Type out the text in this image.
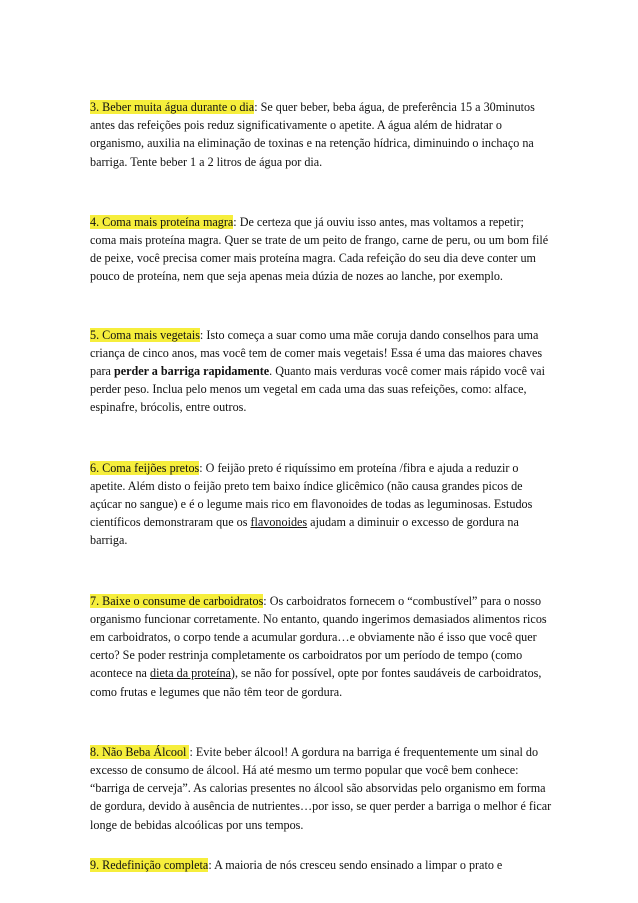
3. Beber muita água durante o dia: Se quer beber, beba água, de preferência 15 a 30minutos antes das refeições pois reduz significativamente o apetite. A água além de hidratar o organismo, auxilia na eliminação de toxinas e na retenção hídrica, diminuindo o inchaço na barriga. Tente beber 1 a 2 litros de água por dia.

4. Coma mais proteína magra: De certeza que já ouviu isso antes, mas voltamos a repetir; coma mais proteína magra. Quer se trate de um peito de frango, carne de peru, ou um bom filé de peixe, você precisa comer mais proteína magra. Cada refeição do seu dia deve conter um pouco de proteína, nem que seja apenas meia dúzia de nozes ao lanche, por exemplo.

5. Coma mais vegetais: Isto começa a suar como uma mãe coruja dando conselhos para uma criança de cinco anos, mas você tem de comer mais vegetais! Essa é uma das maiores chaves para perder a barriga rapidamente. Quanto mais verduras você comer mais rápido você vai perder peso. Inclua pelo menos um vegetal em cada uma das suas refeições, como: alface, espinafre, brócolis, entre outros.

6. Coma feijões pretos: O feijão preto é riquíssimo em proteína /fibra e ajuda a reduzir o apetite. Além disto o feijão preto tem baixo índice glicêmico (não causa grandes picos de açúcar no sangue) e é o legume mais rico em flavonoides de todas as leguminosas. Estudos científicos demonstraram que os flavonoides ajudam a diminuir o excesso de gordura na barriga.

7. Baixe o consume de carboidratos: Os carboidratos fornecem o “combustível” para o nosso organismo funcionar corretamente. No entanto, quando ingerimos demasiados alimentos ricos em carboidratos, o corpo tende a acumular gordura…e obviamente não é isso que você quer certo? Se poder restrinja completamente os carboidratos por um período de tempo (como acontece na dieta da proteína), se não for possível, opte por fontes saudáveis de carboidratos, como frutas e legumes que não têm teor de gordura.

8. Não Beba Álcool : Evite beber álcool! A gordura na barriga é frequentemente um sinal do excesso de consumo de álcool. Há até mesmo um termo popular que você bem conhece: “barriga de cerveja”. As calorias presentes no álcool são absorvidas pelo organismo em forma de gordura, devido à ausência de nutrientes…por isso, se quer perder a barriga o melhor é ficar longe de bebidas alcoólicas por uns tempos.

9. Redefinição completa: A maioria de nós cresceu sendo ensinado a limpar o prato e
